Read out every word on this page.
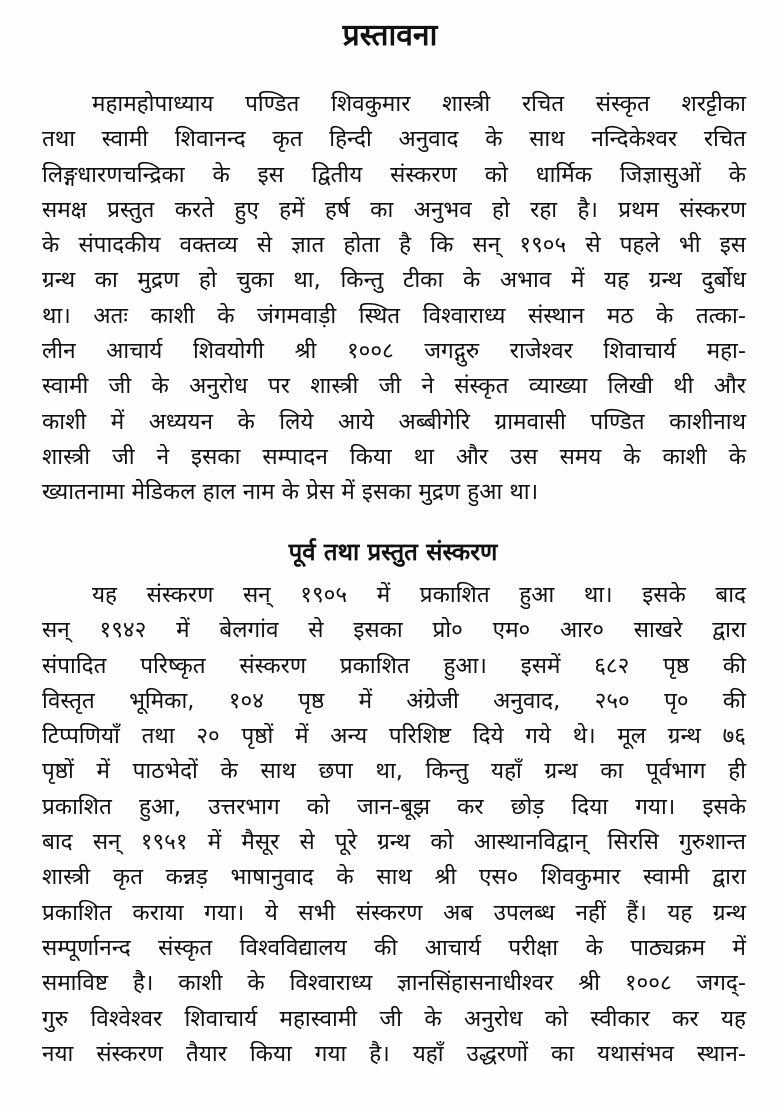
प्रस्तावना
महामहोपाध्याय पण्डित शिवकुमार शास्त्री रचित संस्कृत शरट्टीका
तथा स्वामी शिवानन्द कृत हिन्दी अनुवाद के साथ नन्दिकेश्वर रचित
लिङ्गधारणचन्द्रिका के इस द्वितीय संस्करण को धार्मिक जिज्ञासुओं के
समक्ष प्रस्तुत करते हुए हमें हर्ष का अनुभव हो रहा है। प्रथम संस्करण
के संपादकीय वक्तव्य से ज्ञात होता है कि सन् १९०५ से पहले भी इस
ग्रन्थ का मुद्रण हो चुका था, किन्तु टीका के अभाव में यह ग्रन्थ दुर्बोध
था। अतः काशी के जंगमवाड़ी स्थित विश्वाराध्य संस्थान मठ के तत्का-
लीन आचार्य शिवयोगी श्री १००८ जगद्गुरु राजेश्वर शिवाचार्य महा-
स्वामी जी के अनुरोध पर शास्त्री जी ने संस्कृत व्याख्या लिखी थी और
काशी में अध्ययन के लिये आये अब्बीगेरि ग्रामवासी पण्डित काशीनाथ
शास्त्री जी ने इसका सम्पादन किया था और उस समय के काशी के
ख्यातनामा मेडिकल हाल नाम के प्रेस में इसका मुद्रण हुआ था।
पूर्व तथा प्रस्तुत संस्करण
यह संस्करण सन् १९०५ में प्रकाशित हुआ था। इसके बाद
सन् १९४२ में बेलगांव से इसका प्रो० एम० आर० साखरे द्वारा
संपादित परिष्कृत संस्करण प्रकाशित हुआ। इसमें ६८२ पृष्ठ की
विस्तृत भूमिका, १०४ पृष्ठ में अंग्रेजी अनुवाद, २५० पृ० की
टिप्पणियाँ तथा २० पृष्ठों में अन्य परिशिष्ट दिये गये थे। मूल ग्रन्थ ७६
पृष्ठों में पाठभेदों के साथ छपा था, किन्तु यहाँ ग्रन्थ का पूर्वभाग ही
प्रकाशित हुआ, उत्तरभाग को जान-बूझ कर छोड़ दिया गया। इसके
बाद सन् १९५१ में मैसूर से पूरे ग्रन्थ को आस्थानविद्वान् सिरसि गुरुशान्त
शास्त्री कृत कन्नड़ भाषानुवाद के साथ श्री एस० शिवकुमार स्वामी द्वारा
प्रकाशित कराया गया। ये सभी संस्करण अब उपलब्ध नहीं हैं। यह ग्रन्थ
सम्पूर्णानन्द संस्कृत विश्वविद्यालय की आचार्य परीक्षा के पाठ्यक्रम में
समाविष्ट है। काशी के विश्वाराध्य ज्ञानसिंहासनाधीश्वर श्री १००८ जगद्-
गुरु विश्वेश्वर शिवाचार्य महास्वामी जी के अनुरोध को स्वीकार कर यह
नया संस्करण तैयार किया गया है। यहाँ उद्धरणों का यथासंभव स्थान-
